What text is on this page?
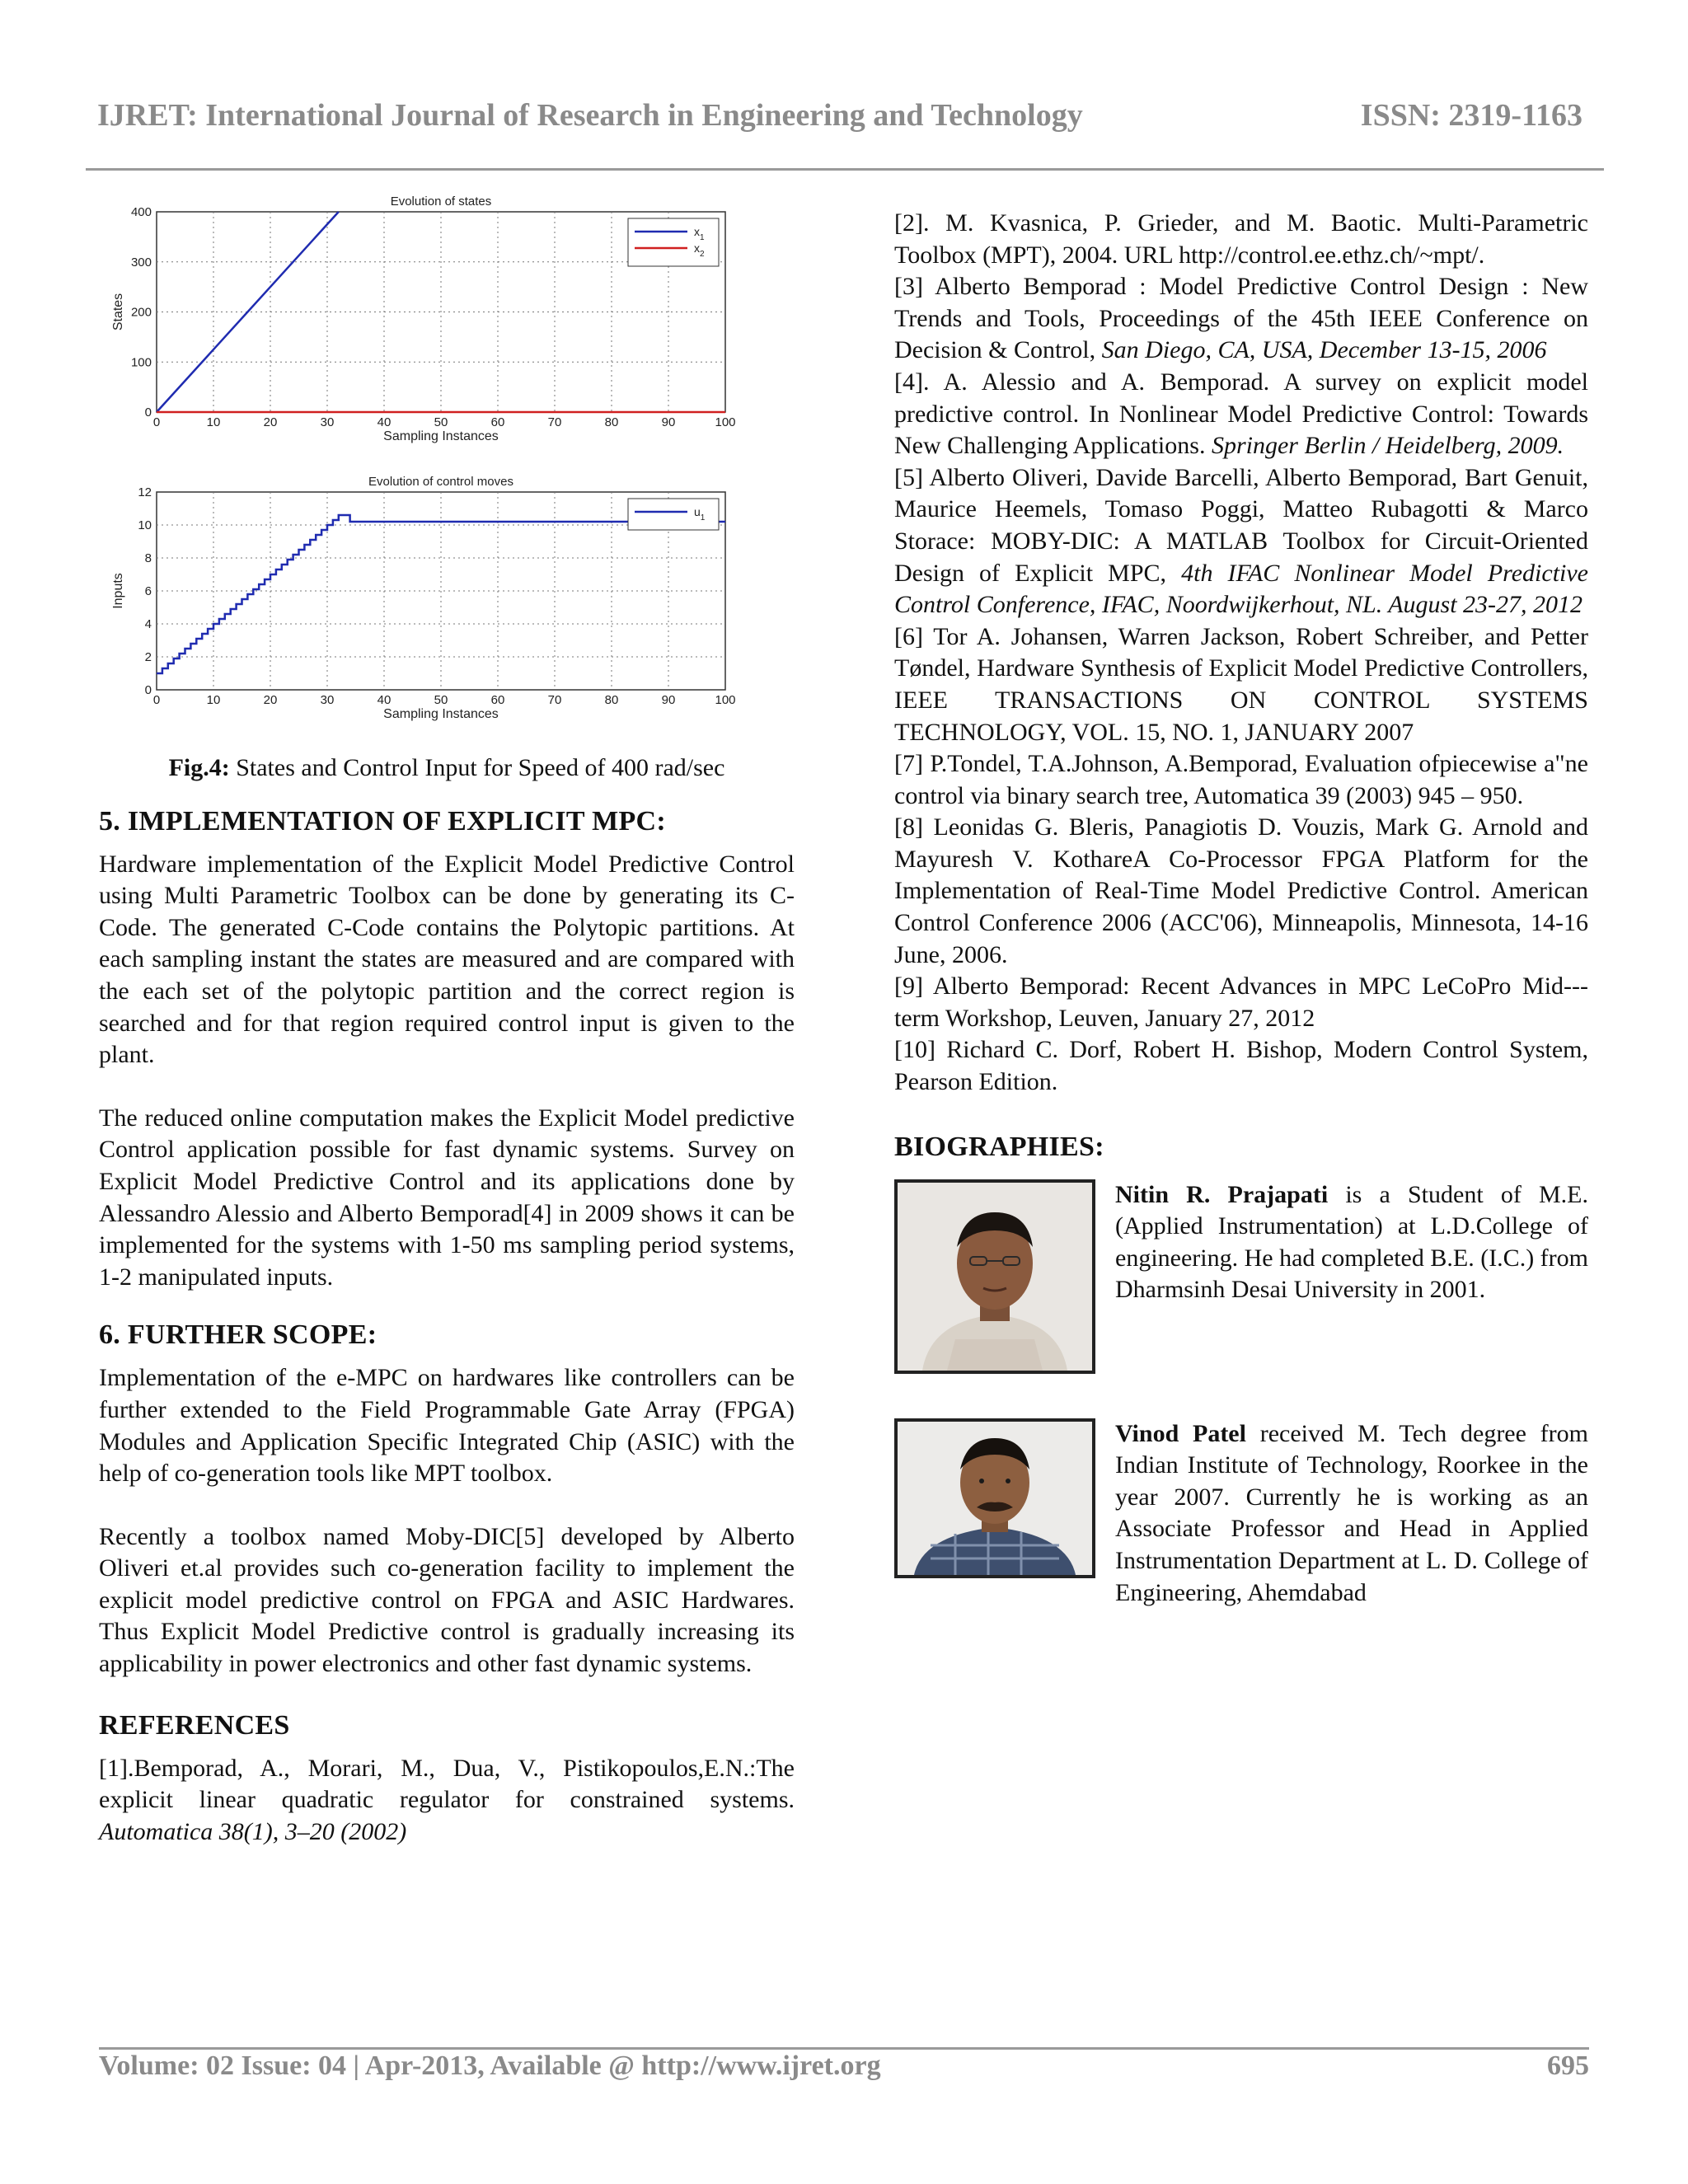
IJRET: International Journal of Research in Engineering and Technology	ISSN: 2319-1163
0	10	20	30	40	50	60	70	80	90	100
0
100
200
300
400
Evolution of states
Sampling Instances
States
$x_1$
$x_2$
0	10	20	30	40	50	60	70	80	90	100
0
2
4
6
8
10
12
Evolution of control moves
Sampling Instances
Inputs
$u_1$
Fig.4: States and Control Input for Speed of 400 rad/sec
5. IMPLEMENTATION OF EXPLICIT MPC:

Hardware implementation of the Explicit Model Predictive Control using Multi Parametric Toolbox can be done by generating its C-Code. The generated C-Code contains the Polytopic partitions. At each sampling instant the states are measured and are compared with the each set of the polytopic partition and the correct region is searched and for that region required control input is given to the plant.

The reduced online computation makes the Explicit Model predictive Control application possible for fast dynamic systems. Survey on Explicit Model Predictive Control and its applications done by Alessandro Alessio and Alberto Bemporad[4] in 2009 shows it can be implemented for the systems with 1-50 ms sampling period systems, 1-2 manipulated inputs.

6. FURTHER SCOPE:

Implementation of the e-MPC on hardwares like controllers can be further extended to the Field Programmable Gate Array (FPGA) Modules and Application Specific Integrated Chip (ASIC) with the help of co-generation tools like MPT toolbox.

Recently a toolbox named Moby-DIC[5] developed by Alberto Oliveri et.al provides such co-generation facility to implement the explicit model predictive control on FPGA and ASIC Hardwares. Thus Explicit Model Predictive control is gradually increasing its applicability in power electronics and other fast dynamic systems.

REFERENCES
[1].Bemporad, A., Morari, M., Dua, V., Pistikopoulos,E.N.:The explicit linear quadratic regulator for constrained systems. Automatica 38(1), 3–20 (2002)
[2]. M. Kvasnica, P. Grieder, and M. Baotic. Multi-Parametric Toolbox (MPT), 2004. URL http://control.ee.ethz.ch/~mpt/.
[3] Alberto Bemporad : Model Predictive Control Design : New Trends and Tools, Proceedings of the 45th IEEE Conference on Decision & Control, San Diego, CA, USA, December 13-15, 2006
[4]. A. Alessio and A. Bemporad. A survey on explicit model predictive control. In Nonlinear Model Predictive Control: Towards New Challenging Applications. Springer Berlin / Heidelberg, 2009.
[5] Alberto Oliveri, Davide Barcelli, Alberto Bemporad, Bart Genuit, Maurice Heemels, Tomaso Poggi, Matteo Rubagotti & Marco Storace: MOBY-DIC: A MATLAB Toolbox for Circuit-Oriented Design of Explicit MPC, 4th IFAC Nonlinear Model Predictive Control Conference, IFAC, Noordwijkerhout, NL. August 23-27, 2012
[6] Tor A. Johansen, Warren Jackson, Robert Schreiber, and Petter Tøndel, Hardware Synthesis of Explicit Model Predictive Controllers, IEEE TRANSACTIONS ON CONTROL SYSTEMS TECHNOLOGY, VOL. 15, NO. 1, JANUARY 2007
[7] P.Tondel, T.A.Johnson, A.Bemporad, Evaluation ofpiecewise a"ne control via binary search tree, Automatica 39 (2003) 945 – 950.
[8] Leonidas G. Bleris, Panagiotis D. Vouzis, Mark G. Arnold and Mayuresh V. KothareA Co-Processor FPGA Platform for the Implementation of Real-Time Model Predictive Control. American Control Conference 2006 (ACC'06), Minneapolis, Minnesota, 14-16 June, 2006.
[9] Alberto Bemporad: Recent Advances in MPC LeCoPro Mid---term Workshop, Leuven, January 27, 2012
[10] Richard C. Dorf, Robert H. Bishop, Modern Control System, Pearson Edition.
BIOGRAPHIES:
Nitin R. Prajapati is a Student of M.E. (Applied Instrumentation) at L.D.College of engineering. He had completed B.E. (I.C.) from Dharmsinh Desai University in 2001.
Vinod Patel received M. Tech degree from Indian Institute of Technology, Roorkee in the year 2007. Currently he is working as an Associate Professor and Head in Applied Instrumentation Department at L. D. College of Engineering, Ahemdabad
Volume: 02 Issue: 04 | Apr-2013, Available @ http://www.ijret.org	695
